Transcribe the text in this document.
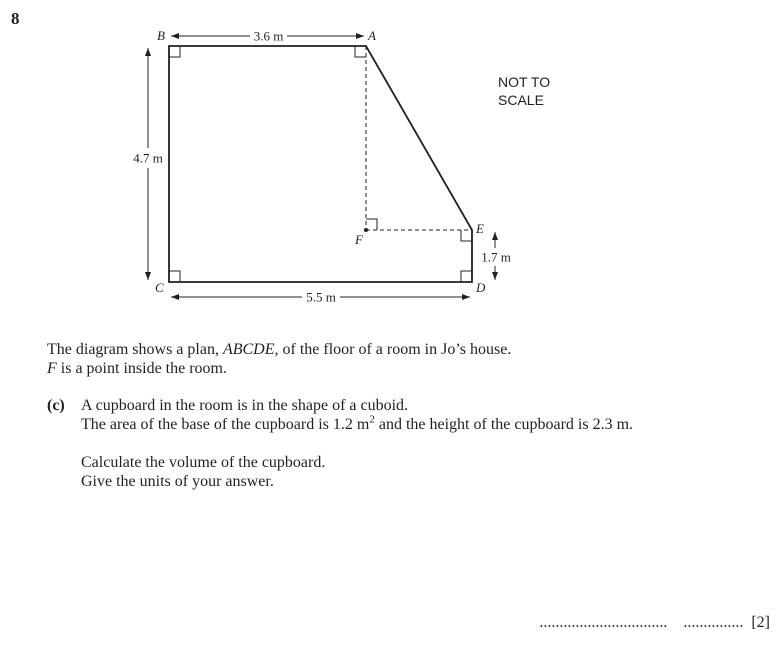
8
3.6 m
4.7 m
5.5 m
1.7 m
B	A
C	D
E
F
NOT TO
SCALE
The diagram shows a plan, ABCDE, of the floor of a room in Jo’s house.
F is a point inside the room.
(c) A cupboard in the room is in the shape of a cuboid.

The area of the base of the cupboard is 1.2 $m^2$ and the height of the cupboard is 2.3 m.

Calculate the volume of the cupboard.

Give the units of your answer.

................................ ............... [2]
